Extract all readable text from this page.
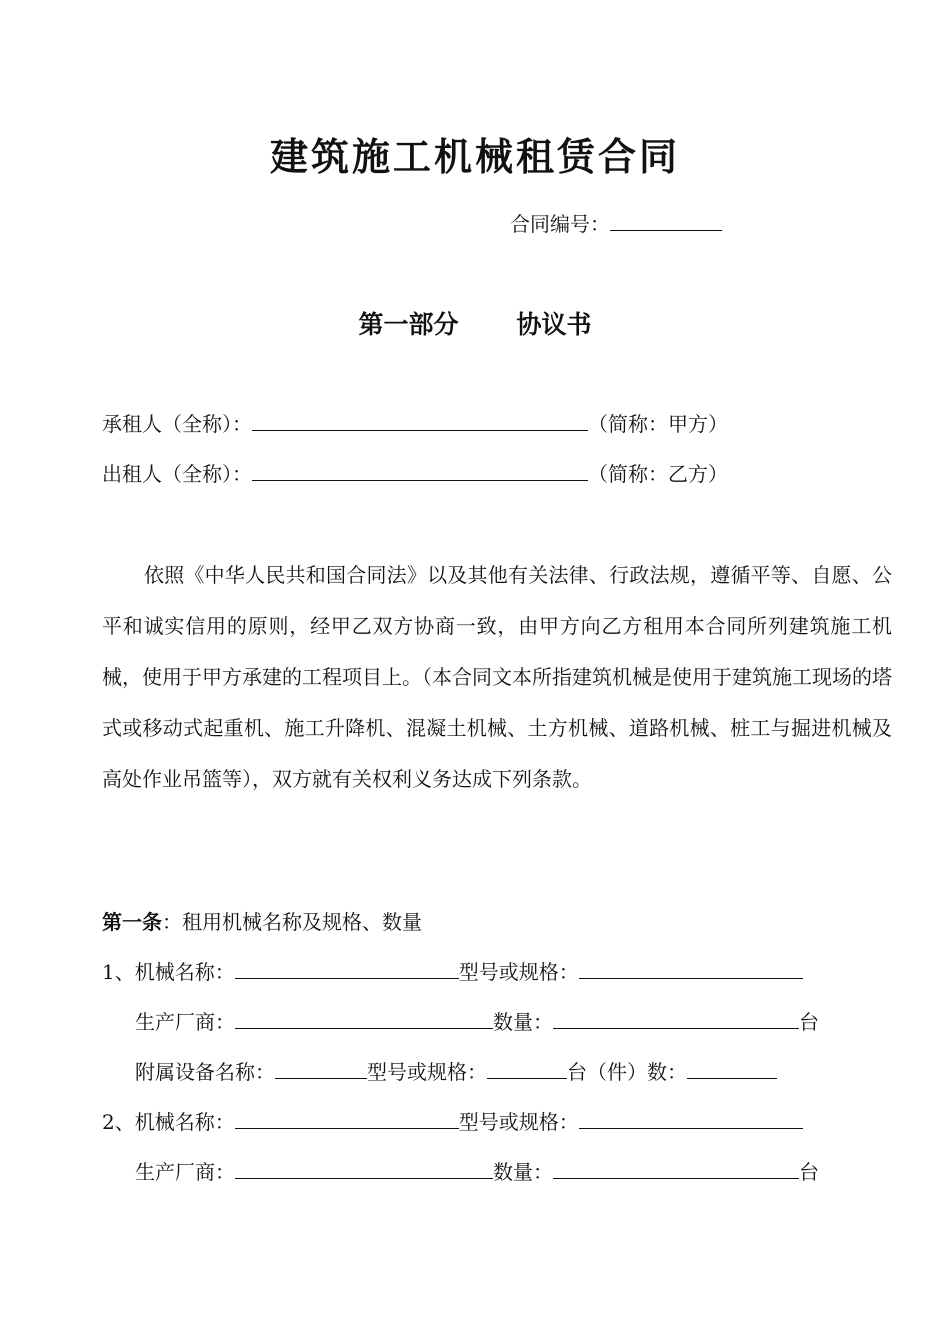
建筑施工机械租赁合同
合同编号：
第一部分 协议书
承租人（全称）：	（简称：甲方）
出租人（全称）：	（简称：乙方）
依照《中华人民共和国合同法》以及其他有关法律、行政法规，遵循平等、自愿、公平和诚实信用的原则，经甲乙双方协商一致，由甲方向乙方租用本合同所列建筑施工机械，使用于甲方承建的工程项目上。（本合同文本所指建筑机械是使用于建筑施工现场的塔式或移动式起重机、施工升降机、混凝土机械、土方机械、道路机械、桩工与掘进机械及高处作业吊篮等），双方就有关权利义务达成下列条款。
第一条：租用机械名称及规格、数量
1、机械名称：	型号或规格：
生产厂商：	数量：	台
附属设备名称：	型号或规格：	台（件）数：
2、机械名称：	型号或规格：
生产厂商：	数量：	台
